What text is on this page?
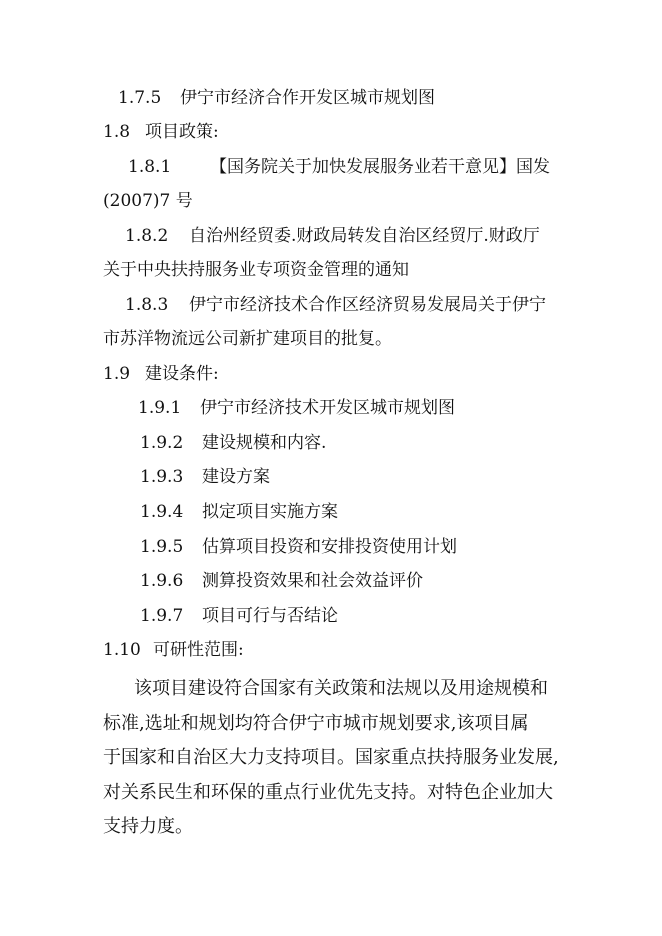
1.7.5 伊宁市经济合作开发区城市规划图
1.8 项目政策:
1.8.1 【国务院关于加快发展服务业若干意见】国发
(2007)7 号
1.8.2 自治州经贸委.财政局转发自治区经贸厅.财政厅
关于中央扶持服务业专项资金管理的通知
1.8.3 伊宁市经济技术合作区经济贸易发展局关于伊宁
市苏洋物流远公司新扩建项目的批复。
1.9 建设条件:
1.9.1 伊宁市经济技术开发区城市规划图
1.9.2 建设规模和内容.
1.9.3 建设方案
1.9.4 拟定项目实施方案
1.9.5 估算项目投资和安排投资使用计划
1.9.6 测算投资效果和社会效益评价
1.9.7 项目可行与否结论
1.10 可研性范围:
该项目建设符合国家有关政策和法规以及用途规模和
标准,选址和规划均符合伊宁市城市规划要求,该项目属
于国家和自治区大力支持项目。国家重点扶持服务业发展,
对关系民生和环保的重点行业优先支持。对特色企业加大
支持力度。
